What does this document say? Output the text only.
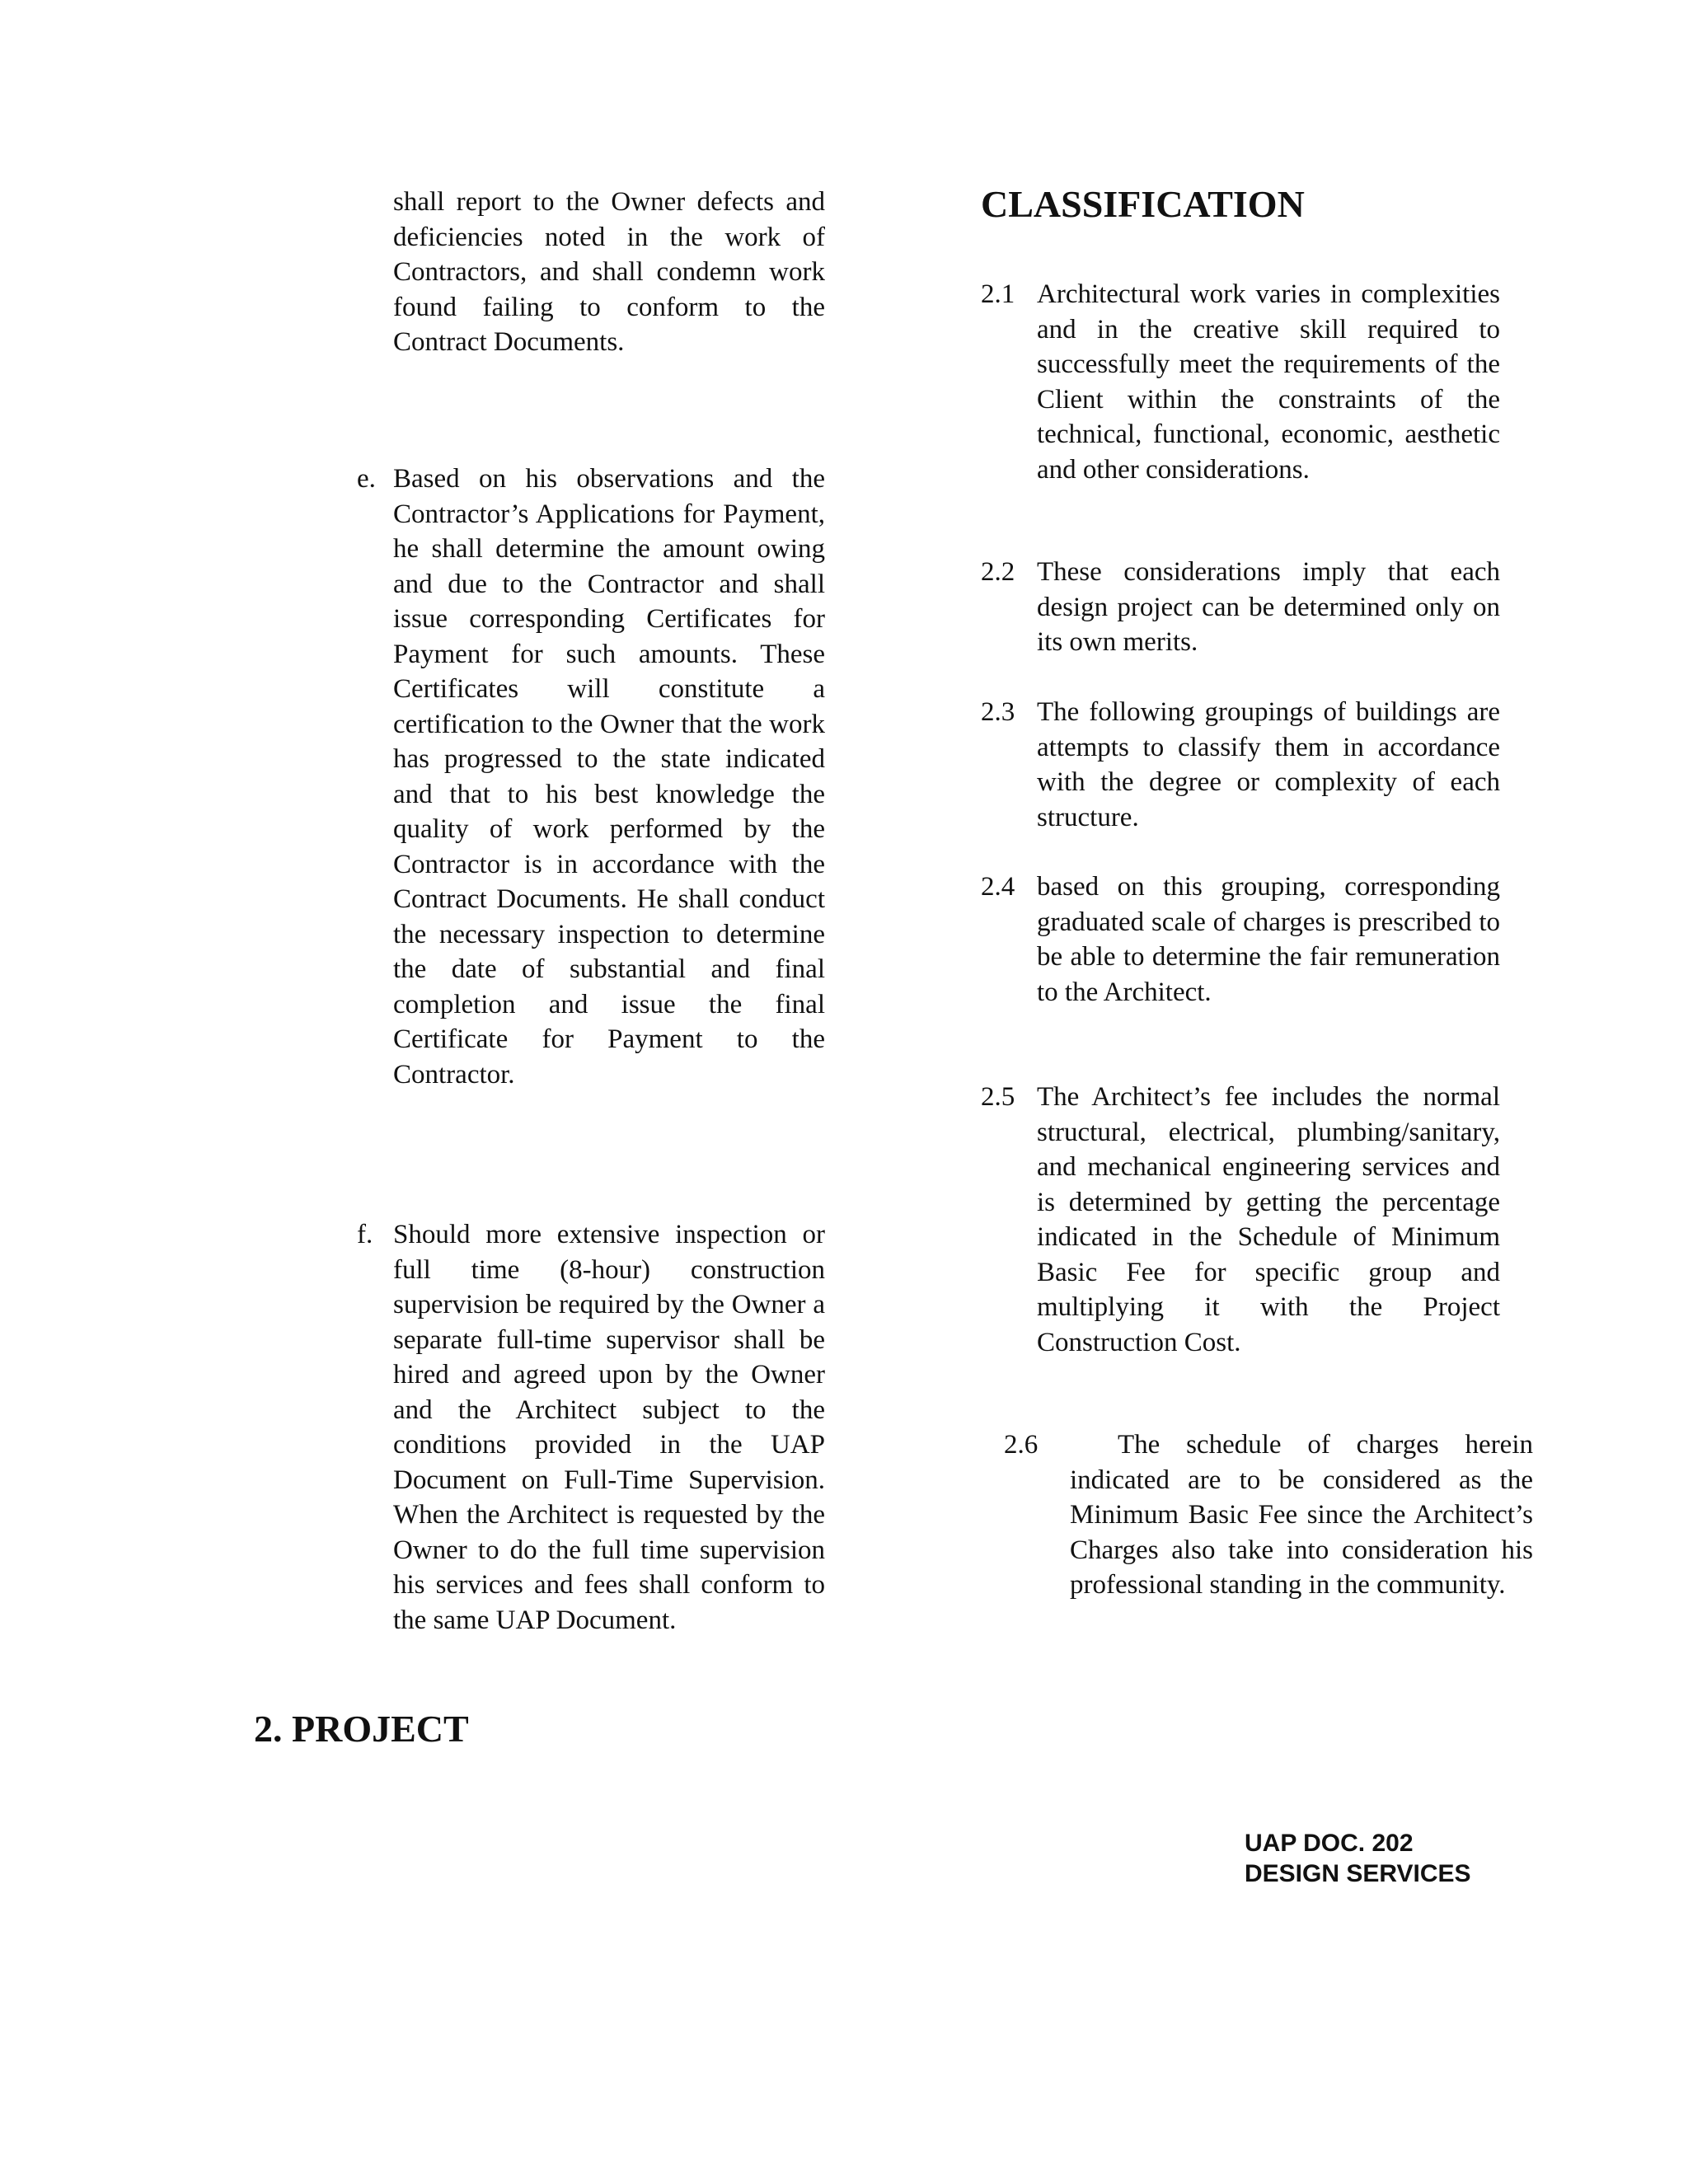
shall report to the Owner defects and deficiencies noted in the work of Contractors, and shall condemn work found failing to conform to the Contract Documents.

e. Based on his observations and the Contractor’s Applications for Payment, he shall determine the amount owing and due to the Contractor and shall issue corresponding Certificates for Payment for such amounts. These Certificates will constitute a certification to the Owner that the work has progressed to the state indicated and that to his best knowledge the quality of work performed by the Contractor is in accordance with the Contract Documents. He shall conduct the necessary inspection to determine the date of substantial and final completion and issue the final Certificate for Payment to the Contractor.

f. Should more extensive inspection or full time (8-hour) construction supervision be required by the Owner a separate full-time supervisor shall be hired and agreed upon by the Owner and the Architect subject to the conditions provided in the UAP Document on Full-Time Supervision. When the Architect is requested by the Owner to do the full time supervision his services and fees shall conform to the same UAP Document.

2. PROJECT
CLASSIFICATION
2.1 Architectural work varies in complexities and in the creative skill required to successfully meet the requirements of the Client within the constraints of the technical, functional, economic, aesthetic and other considerations.

2.2 These considerations imply that each design project can be determined only on its own merits.

2.3 The following groupings of buildings are attempts to classify them in accordance with the degree or complexity of each structure.

2.4 based on this grouping, corresponding graduated scale of charges is prescribed to be able to determine the fair remuneration to the Architect.

2.5 The Architect’s fee includes the normal structural, electrical, plumbing/sanitary, and mechanical engineering services and is determined by getting the percentage indicated in the Schedule of Minimum Basic Fee for specific group and multiplying it with the Project Construction Cost.

2.6	The schedule of charges herein indicated are to be considered as the Minimum Basic Fee since the Architect’s Charges also take into consideration his professional standing in the community.

UAP DOC. 202
DESIGN SERVICES
